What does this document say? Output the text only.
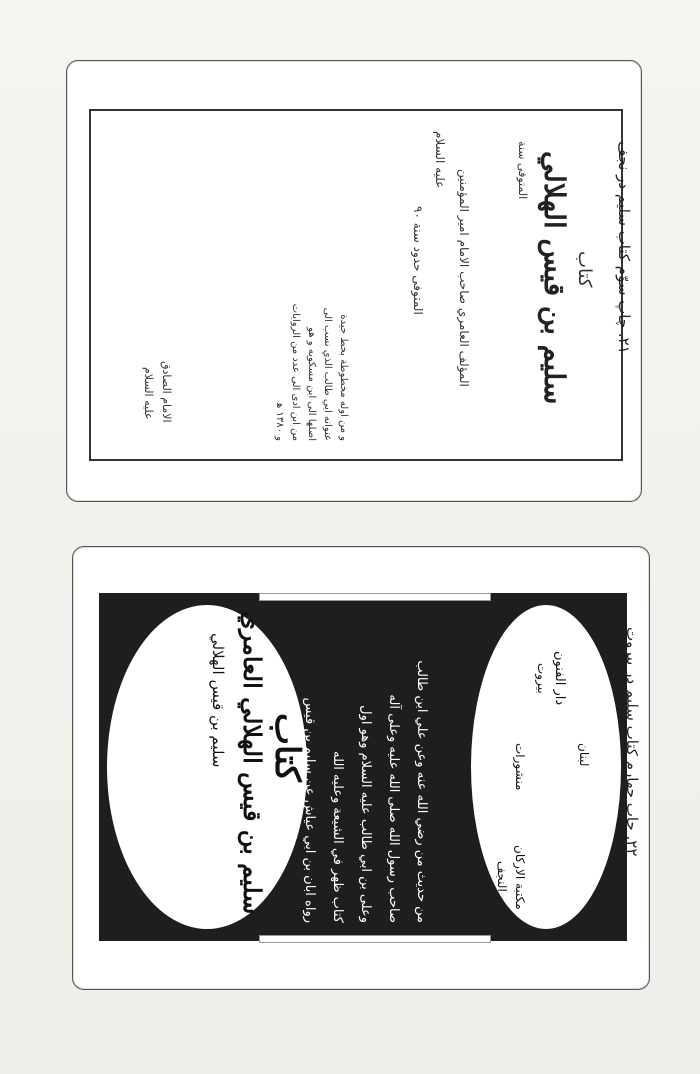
كتاب
سليم بن قيس الهلالي
المتوفى سنة
المؤلف العامري صاحب الامام امير المؤمنين
عليه السلام
المتوفى حدود سنة ٩٠
و من اوله مخطوطة بخط جيدة
عنوانه ابي طالب الذي نسب الى
اصلها الى ابن مسكويه و هو
من ابن ادى الى عدد من الروايات
و ١٣٨٠ ه‍
الامام الصادق
عليه السلام
۲۱. چاپ سوّم كتاب سليم در نجف
كتاب
سليم بن قيس الهلالي العامري
سليم بن قيس الهلالي	من حديث من رضي الله عنه وعن علي ابن طالب
صاحب رسول الله صلى الله عليه وعلى آله
وعلى بن ابي طالب عليه السلام وهو اول
كتاب ظهر في الشيعة وعليه الله
رواه ابان بن ابي عياش عن سليم بن قيس	منشورات
دار الفنون
بيروت
مكتبة الاركان
النجف
لبنان ۲۲. چاپ چهارم كتاب سليم در بيروت
